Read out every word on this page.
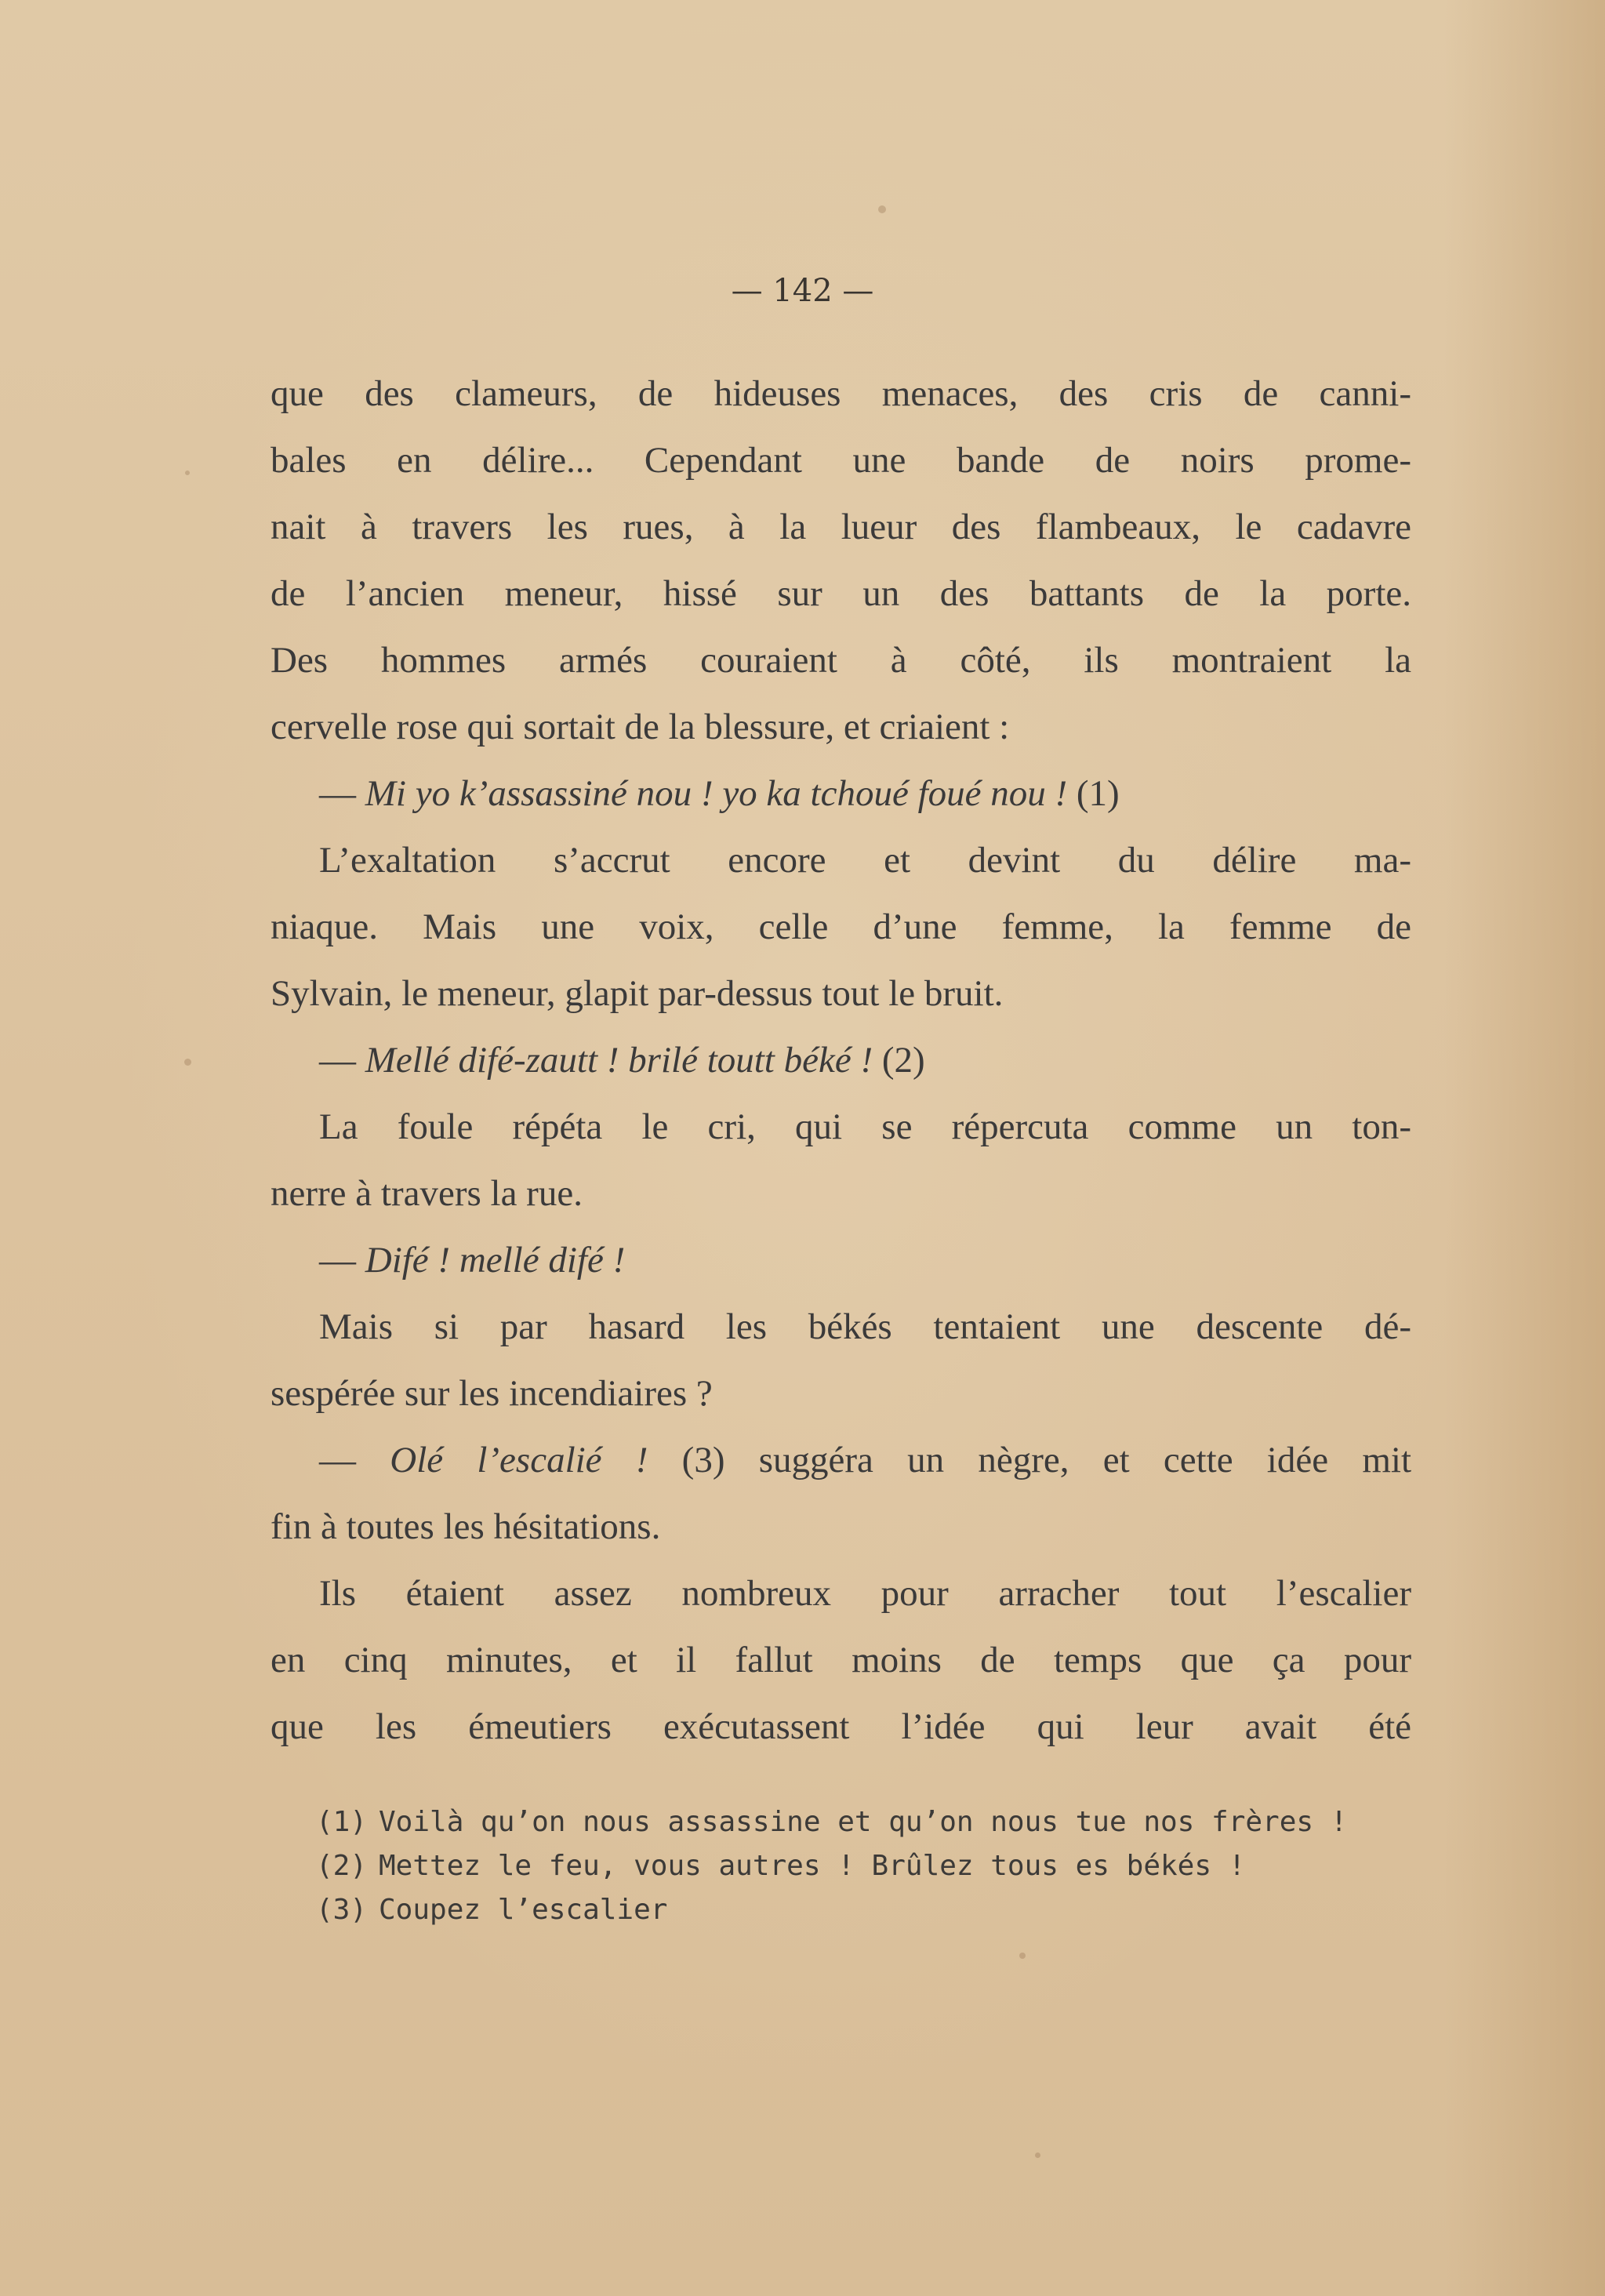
— 142 —
que des clameurs, de hideuses menaces, des cris de canni-
bales en délire... Cependant une bande de noirs prome-
nait à travers les rues, à la lueur des flambeaux, le cadavre
de l’ancien meneur, hissé sur un des battants de la porte.
Des hommes armés couraient à côté, ils montraient la
cervelle rose qui sortait de la blessure, et criaient :
— Mi yo k’assassiné nou ! yo ka tchoué foué nou ! (1)
L’exaltation s’accrut encore et devint du délire ma-
niaque. Mais une voix, celle d’une femme, la femme de
Sylvain, le meneur, glapit par-dessus tout le bruit.
— Mellé difé-zautt ! brilé toutt béké ! (2)
La foule répéta le cri, qui se répercuta comme un ton-
nerre à travers la rue.
— Difé ! mellé difé !
Mais si par hasard les békés tentaient une descente dé-
sespérée sur les incendiaires ?
— Olé l’escalié ! (3) suggéra un nègre, et cette idée mit
fin à toutes les hésitations.
Ils étaient assez nombreux pour arracher tout l’escalier
en cinq minutes, et il fallut moins de temps que ça pour
que les émeutiers exécutassent l’idée qui leur avait été
(1) Voilà qu’on nous assassine et qu’on nous tue nos frères !
(2) Mettez le feu, vous autres ! Brûlez tous es békés !
(3) Coupez l’escalier
